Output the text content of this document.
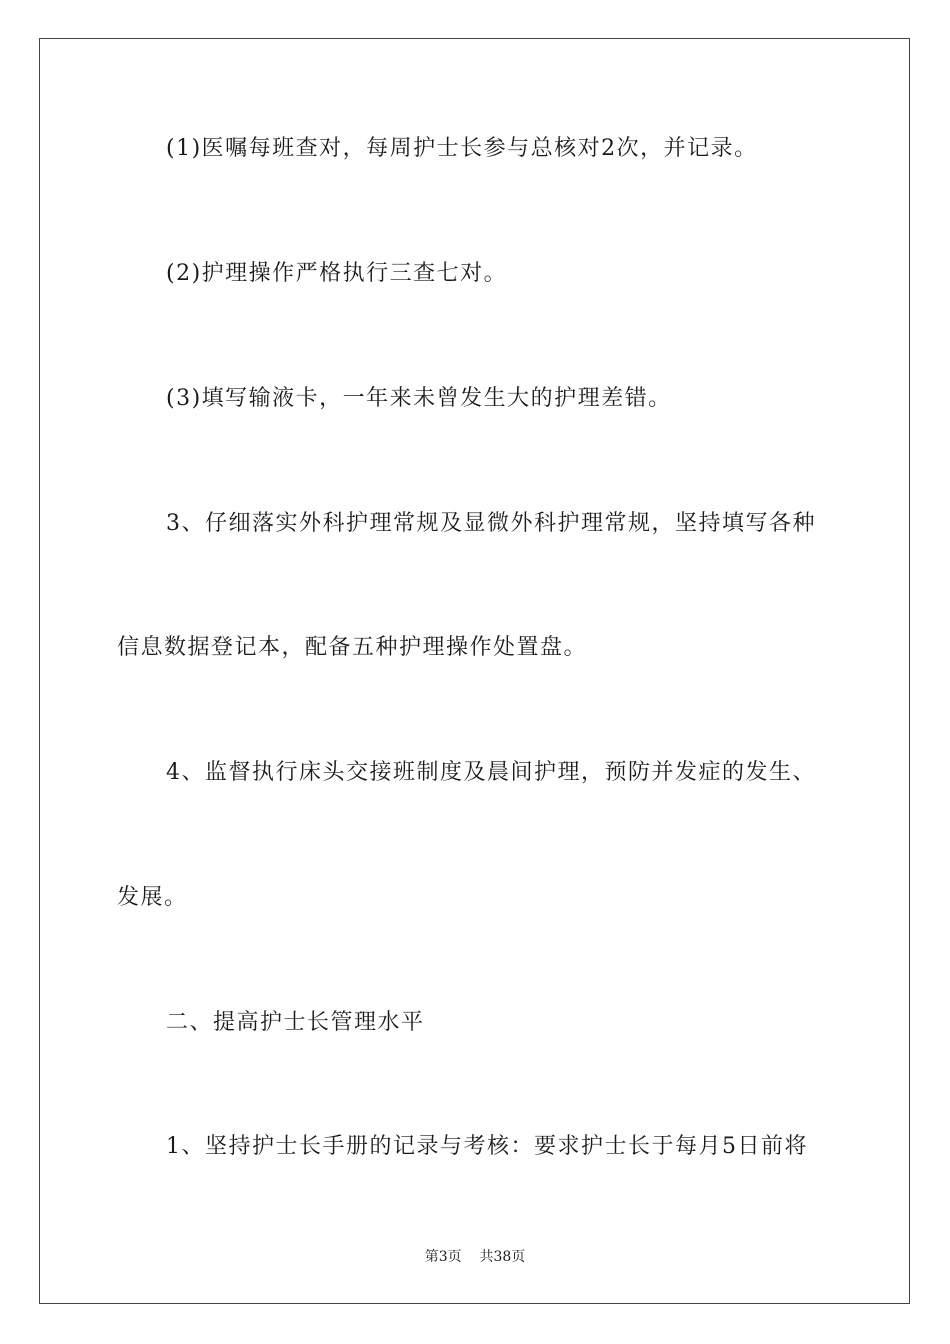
(1)医嘱每班查对，每周护士长参与总核对2次，并记录。
(2)护理操作严格执行三查七对。
(3)填写输液卡，一年来未曾发生大的护理差错。
3、仔细落实外科护理常规及显微外科护理常规，坚持填写各种
信息数据登记本，配备五种护理操作处置盘。
4、监督执行床头交接班制度及晨间护理，预防并发症的发生、
发展。
二、提高护士长管理水平
1、坚持护士长手册的记录与考核：要求护士长于每月5日前将
第3页    共38页
